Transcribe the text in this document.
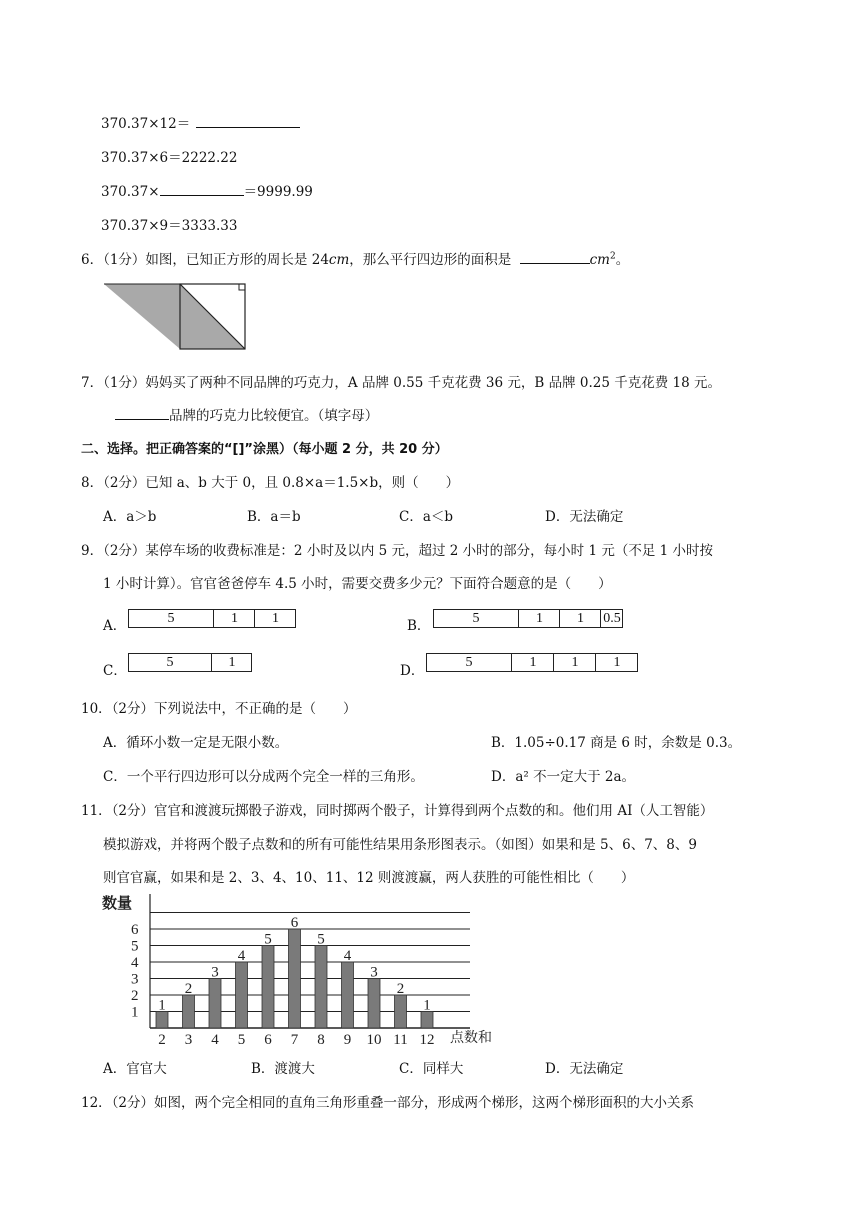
370.37×12＝
370.37×6＝2222.22
370.37×	＝9999.99
370.37×9＝3333.33
6．（1分）如图，已知正方形的周长是 24cm，那么平行四边形的面积是	$cm^2$。
7．（1分）妈妈买了两种不同品牌的巧克力，A 品牌 0.55 千克花费 36 元，B 品牌 0.25 千克花费 18 元。
品牌的巧克力比较便宜。（填字母）
二、选择。把正确答案的“[]”涂黑）（每小题 2 分，共 20 分）
8．（2分）已知 a、b 大于 0，且 0.8×a＝1.5×b，则（　　）
A．a＞b	B．a＝b	C．a＜b	D．无法确定
9．（2分）某停车场的收费标准是：2 小时及以内 5 元，超过 2 小时的部分，每小时 1 元（不足 1 小时按
1 小时计算）。官官爸爸停车 4.5 小时，需要交费多少元？下面符合题意的是（　　）
A．	5	1	1	B．	5	1	1	0.5
C．
5	1
D．
5	1	1	1
10．（2分）下列说法中，不正确的是（　　）
A．循环小数一定是无限小数。	B．1.05÷0.17 商是 6 时，余数是 0.3。
C．一个平行四边形可以分成两个完全一样的三角形。	D．a² 不一定大于 2a。
11．（2分）官官和渡渡玩掷骰子游戏，同时掷两个骰子，计算得到两个点数的和。他们用 AI（人工智能）
模拟游戏，并将两个骰子点数和的所有可能性结果用条形图表示。（如图）如果和是 5、6、7、8、9
则官官赢，如果和是 2、3、4、10、11、12 则渡渡赢，两人获胜的可能性相比（　　）
数量
1
2
3
4
5
6
1
2
2
3
3
4
4
5
5
6
6
7
5
8
4
9
3
10
2
11
1
12 点数和
A．官官大	B．渡渡大	C．同样大	D．无法确定
12．（2分）如图，两个完全相同的直角三角形重叠一部分，形成两个梯形，这两个梯形面积的大小关系
